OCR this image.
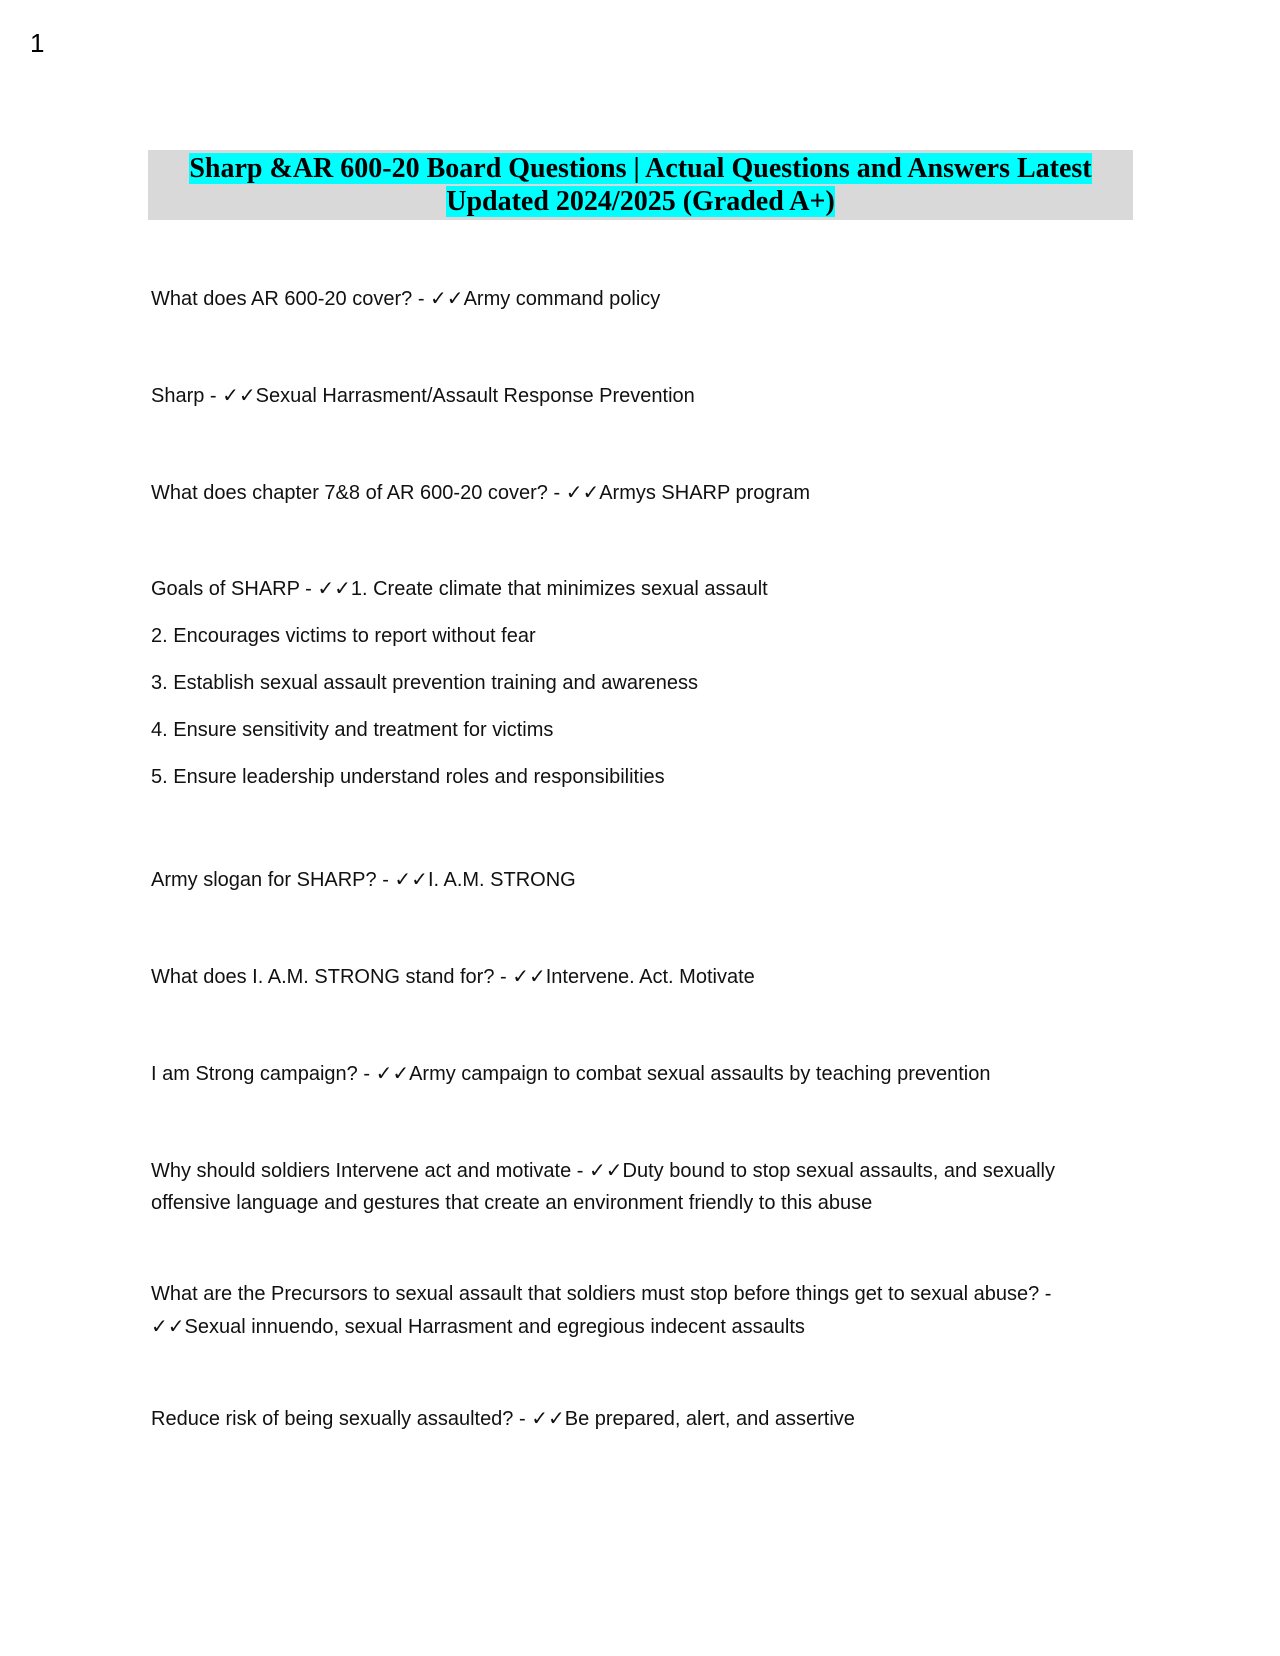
1
Sharp &AR 600-20 Board Questions | Actual Questions and Answers Latest
Updated 2024/2025 (Graded A+)

What does AR 600-20 cover? - ✓✓Army command policy

Sharp - ✓✓Sexual Harrasment/Assault Response Prevention

What does chapter 7&8 of AR 600-20 cover? - ✓✓Armys SHARP program

Goals of SHARP - ✓✓1. Create climate that minimizes sexual assault

2. Encourages victims to report without fear

3. Establish sexual assault prevention training and awareness

4. Ensure sensitivity and treatment for victims

5. Ensure leadership understand roles and responsibilities

Army slogan for SHARP? - ✓✓I. A.M. STRONG

What does I. A.M. STRONG stand for? - ✓✓Intervene. Act. Motivate

I am Strong campaign? - ✓✓Army campaign to combat sexual assaults by teaching prevention

Why should soldiers Intervene act and motivate - ✓✓Duty bound to stop sexual assaults, and sexually offensive language and gestures that create an environment friendly to this abuse

What are the Precursors to sexual assault that soldiers must stop before things get to sexual abuse? - ✓✓Sexual innuendo, sexual Harrasment and egregious indecent assaults

Reduce risk of being sexually assaulted? - ✓✓Be prepared, alert, and assertive
